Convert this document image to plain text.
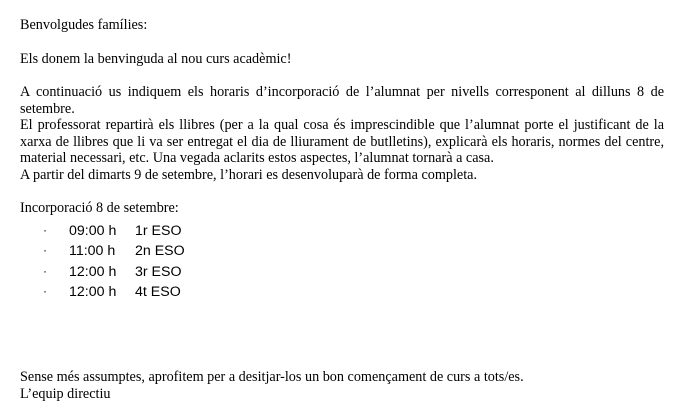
Benvolgudes famílies:

Els donem la benvinguda al nou curs acadèmic!

A continuació us indiquem els horaris d’incorporació de l’alumnat per nivells corresponent al dilluns 8 de setembre.

El professorat repartirà els llibres (per a la qual cosa és imprescindible que l’alumnat porte el justificant de la xarxa de llibres que li va ser entregat el dia de lliurament de butlletins), explicarà els horaris, normes del centre, material necessari, etc. Una vegada aclarits estos aspectes, l’alumnat tornarà a casa.

A partir del dimarts 9 de setembre, l’horari es desenvoluparà de forma completa.

Incorporació 8 de setembre:

· 09:00 h 1r ESO
· 11:00 h 2n ESO
· 12:00 h 3r ESO
· 12:00 h 4t ESO

Sense més assumptes, aprofitem per a desitjar-los un bon començament de curs a tots/es.

L’equip directiu
